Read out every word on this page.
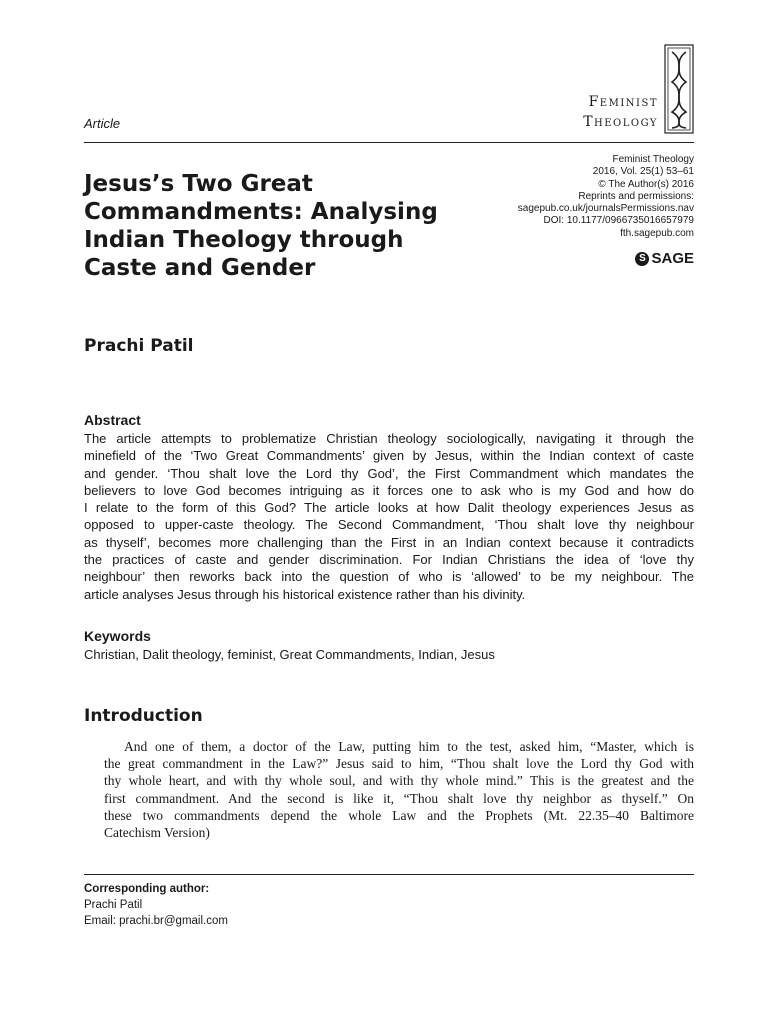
Article
Feminist
Theology
Jesus’s Two Great
Commandments: Analysing
Indian Theology through
Caste and Gender
Feminist Theology
2016, Vol. 25(1) 53–61
© The Author(s) 2016
Reprints and permissions:
sagepub.co.uk/journalsPermissions.nav
DOI: 10.1177/0966735016657979
fth.sagepub.com
S SAGE
Prachi Patil
Abstract
The article attempts to problematize Christian theology sociologically, navigating it through the
minefield of the ‘Two Great Commandments’ given by Jesus, within the Indian context of caste
and gender. ‘Thou shalt love the Lord thy God’, the First Commandment which mandates the
believers to love God becomes intriguing as it forces one to ask who is my God and how do
I relate to the form of this God? The article looks at how Dalit theology experiences Jesus as
opposed to upper-caste theology. The Second Commandment, ‘Thou shalt love thy neighbour
as thyself’, becomes more challenging than the First in an Indian context because it contradicts
the practices of caste and gender discrimination. For Indian Christians the idea of ‘love thy
neighbour’ then reworks back into the question of who is ‘allowed’ to be my neighbour. The
article analyses Jesus through his historical existence rather than his divinity.
Keywords
Christian, Dalit theology, feminist, Great Commandments, Indian, Jesus
Introduction
And one of them, a doctor of the Law, putting him to the test, asked him, “Master, which is
the great commandment in the Law?” Jesus said to him, “Thou shalt love the Lord thy God with
thy whole heart, and with thy whole soul, and with thy whole mind.” This is the greatest and the
first commandment. And the second is like it, “Thou shalt love thy neighbor as thyself.” On
these two commandments depend the whole Law and the Prophets (Mt. 22.35–40 Baltimore
Catechism Version)
Corresponding author:
Prachi Patil
Email: prachi.br@gmail.com
